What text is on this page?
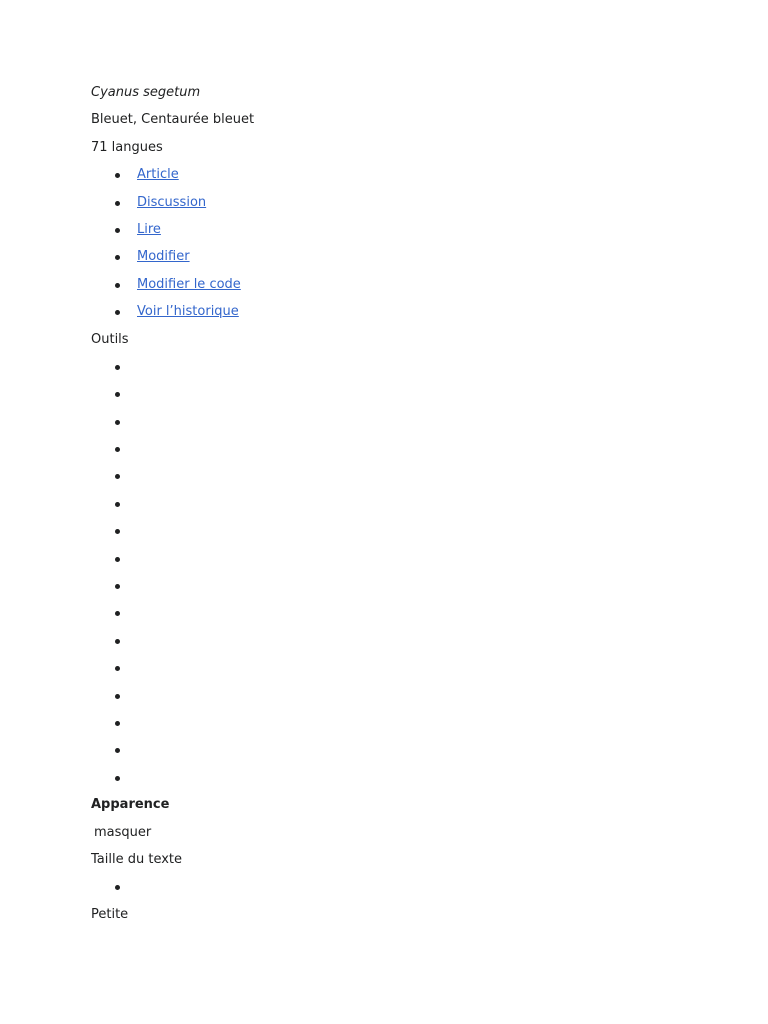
Cyanus segetum
Bleuet, Centaurée bleuet
71 langues
Article
Discussion
Lire
Modifier
Modifier le code
Voir l’historique
Outils
Apparence
masquer
Taille du texte
Petite
